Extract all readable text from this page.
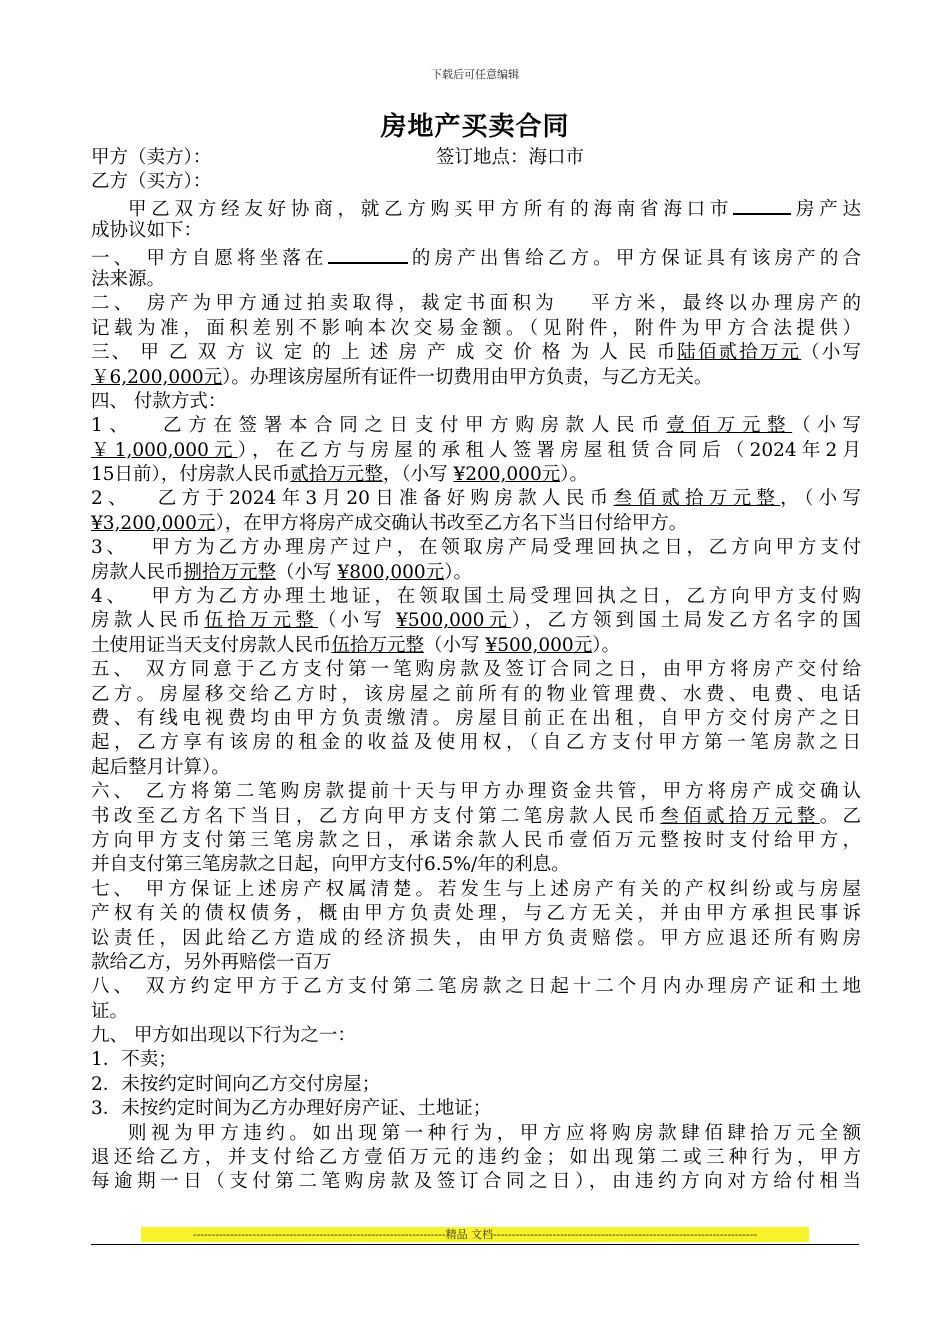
下载后可任意编辑
房地产买卖合同
甲方（卖方）：	签订地点：海口市
乙方（买方）：
甲乙双方经友好协商，就乙方购买甲方所有的海南省海口市	房产达
成协议如下：
一、 甲方自愿将坐落在	的房产出售给乙方。甲方保证具有该房产的合
法来源。
二、 房产为甲方通过拍卖取得，裁定书面积为　 平方米，最终以办理房产的
记载为准，面积差别不影响本次交易金额。（见附件，附件为甲方合法提供）
三、 甲 乙 双 方 议 定 的 上 述 房 产 成 交 价 格 为 人 民 币陆佰贰拾万元（小写
￥6,200,000元）。办理该房屋所有证件一切费用由甲方负责，与乙方无关。
四、 付款方式：
1、　 乙方在签署本合同之日支付甲方购房款人民币壹佰万元整（小写
￥1,000,000元），在乙方与房屋的承租人签署房屋租赁合同后（2024年2月
15日前），付房款人民币贰拾万元整，（小写 ¥200,000元）。
2、　 乙方于2024年3月20日准备好购房款人民币叁佰贰拾万元整，（小写
¥3,200,000元），在甲方将房产成交确认书改至乙方名下当日付给甲方。
3、　 甲方为乙方办理房产过户，在领取房产局受理回执之日，乙方向甲方支付
房款人民币捌拾万元整（小写 ¥800,000元）。
4、　 甲方为乙方办理土地证，在领取国土局受理回执之日，乙方向甲方支付购
房款人民币伍拾万元整（小写 ¥500,000元），乙方领到国土局发乙方名字的国
土使用证当天支付房款人民币伍拾万元整（小写 ¥500,000元）。
五、 双方同意于乙方支付第一笔购房款及签订合同之日，由甲方将房产交付给
乙方。房屋移交给乙方时，该房屋之前所有的物业管理费、水费、电费、电话
费、有线电视费均由甲方负责缴清。房屋目前正在出租，自甲方交付房产之日
起，乙方享有该房的租金的收益及使用权，（自乙方支付甲方第一笔房款之日
起后整月计算）。
六、 乙方将第二笔购房款提前十天与甲方办理资金共管，甲方将房产成交确认
书改至乙方名下当日，乙方向甲方支付第二笔房款人民币叁佰贰拾万元整。乙
方向甲方支付第三笔房款之日，承诺余款人民币壹佰万元整按时支付给甲方，
并自支付第三笔房款之日起，向甲方支付6.5%/年的利息。
七、 甲方保证上述房产权属清楚。若发生与上述房产有关的产权纠纷或与房屋
产权有关的债权债务，概由甲方负责处理，与乙方无关，并由甲方承担民事诉
讼责任，因此给乙方造成的经济损失，由甲方负责赔偿。甲方应退还所有购房
款给乙方，另外再赔偿一百万
八、 双方约定甲方于乙方支付第二笔房款之日起十二个月内办理房产证和土地
证。
九、 甲方如出现以下行为之一：
1．不卖；
2．未按约定时间向乙方交付房屋；
3．未按约定时间为乙方办理好房产证、土地证；
则视为甲方违约。如出现第一种行为，甲方应将购房款肆佰肆拾万元全额
退还给乙方，并支付给乙方壹佰万元的违约金；如出现第二或三种行为，甲方
每逾期一日（支付第二笔购房款及签订合同之日），由违约方向对方给付相当
--------------------------------------------------------------------精品 文档-----------------------------------------------------------------------
